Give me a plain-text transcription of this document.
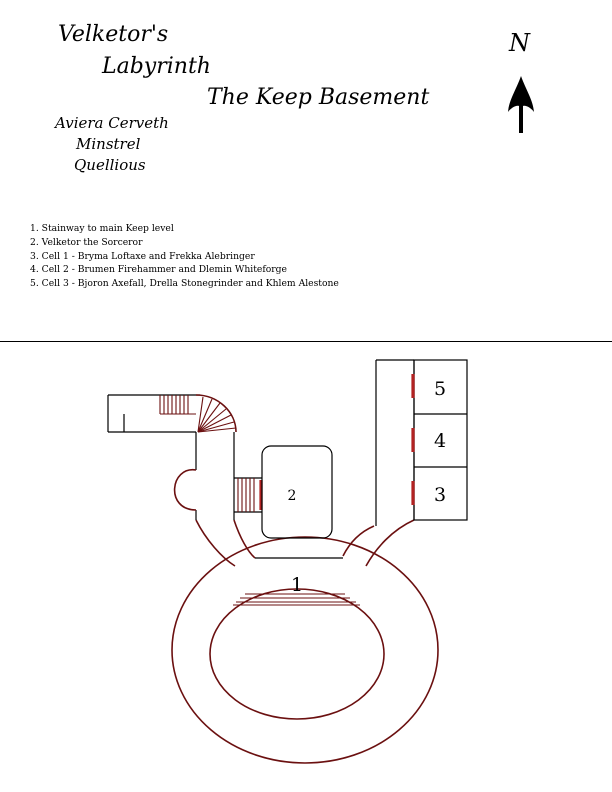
Velketor's
Labyrinth
The Keep Basement
Aviera Cerveth
Minstrel
Quellious
N
1. Stainway to main Keep level
2. Velketor the Sorceror
3. Cell 1 - Bryma Loftaxe and Frekka Alebringer
4. Cell 2 - Brumen Firehammer and Dlemin Whiteforge
5. Cell 3 - Bjoron Axefall, Drella Stonegrinder and Khlem Alestone
1
2
5
4
3
